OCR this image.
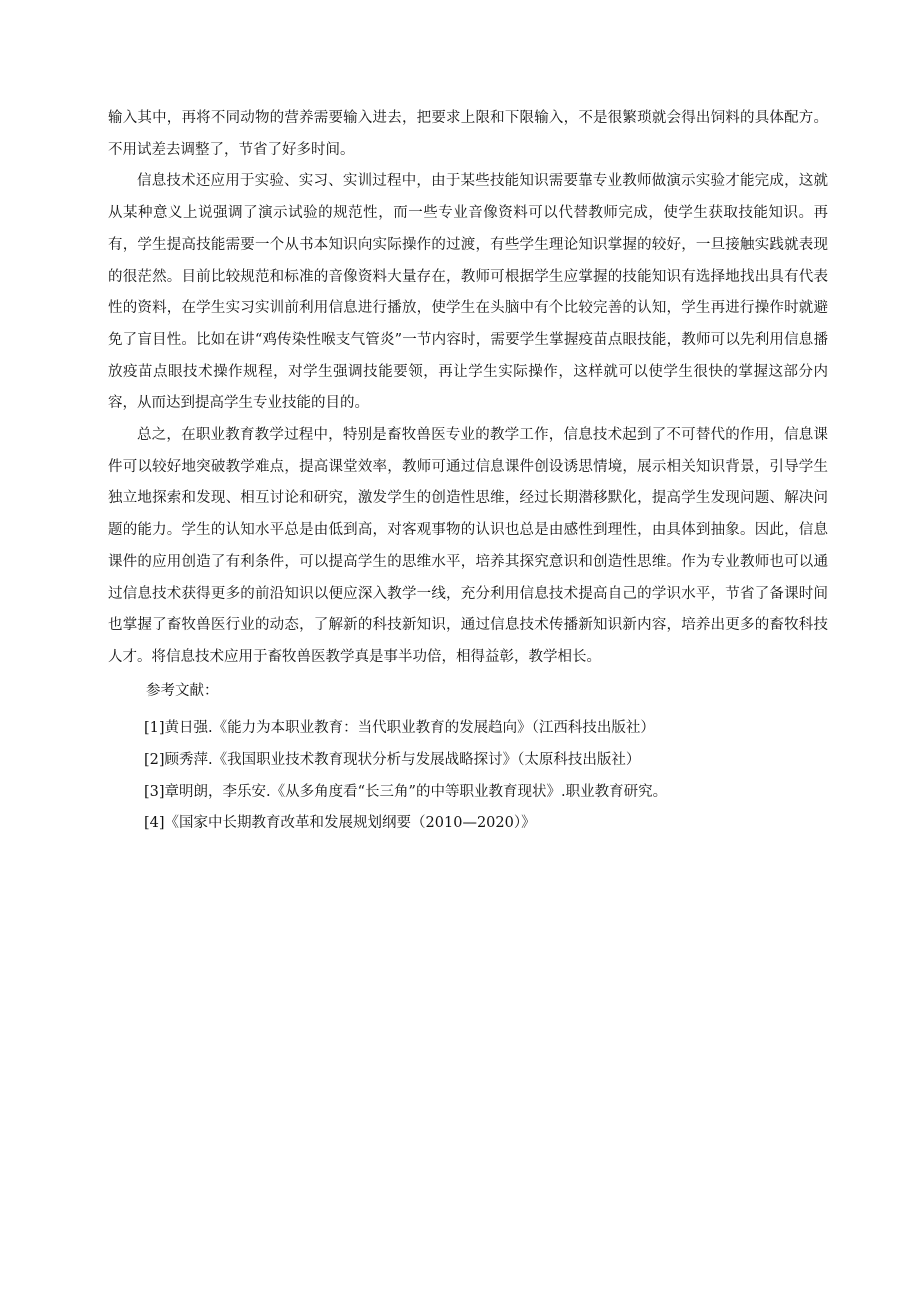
输入其中，再将不同动物的营养需要输入进去，把要求上限和下限输入，不是很繁琐就会得出饲料的具体配方。不用试差去调整了，节省了好多时间。

信息技术还应用于实验、实习、实训过程中，由于某些技能知识需要靠专业教师做演示实验才能完成，这就从某种意义上说强调了演示试验的规范性，而一些专业音像资料可以代替教师完成，使学生获取技能知识。再有，学生提高技能需要一个从书本知识向实际操作的过渡，有些学生理论知识掌握的较好，一旦接触实践就表现的很茫然。目前比较规范和标准的音像资料大量存在，教师可根据学生应掌握的技能知识有选择地找出具有代表性的资料，在学生实习实训前利用信息进行播放，使学生在头脑中有个比较完善的认知，学生再进行操作时就避免了盲目性。比如在讲“鸡传染性喉支气管炎”一节内容时，需要学生掌握疫苗点眼技能，教师可以先利用信息播放疫苗点眼技术操作规程，对学生强调技能要领，再让学生实际操作，这样就可以使学生很快的掌握这部分内容，从而达到提高学生专业技能的目的。

总之，在职业教育教学过程中，特别是畜牧兽医专业的教学工作，信息技术起到了不可替代的作用，信息课件可以较好地突破教学难点，提高课堂效率，教师可通过信息课件创设诱思情境，展示相关知识背景，引导学生独立地探索和发现、相互讨论和研究，激发学生的创造性思维，经过长期潜移默化，提高学生发现问题、解决问题的能力。学生的认知水平总是由低到高，对客观事物的认识也总是由感性到理性，由具体到抽象。因此，信息课件的应用创造了有利条件，可以提高学生的思维水平，培养其探究意识和创造性思维。作为专业教师也可以通过信息技术获得更多的前沿知识以便应深入教学一线，充分利用信息技术提高自己的学识水平，节省了备课时间也掌握了畜牧兽医行业的动态，了解新的科技新知识，通过信息技术传播新知识新内容，培养出更多的畜牧科技人才。将信息技术应用于畜牧兽医教学真是事半功倍，相得益彰，教学相长。

参考文献：
[1]黄日强.《能力为本职业教育：当代职业教育的发展趋向》（江西科技出版社）
[2]顾秀萍.《我国职业技术教育现状分析与发展战略探讨》（太原科技出版社）
[3]章明朗，李乐安.《从多角度看“长三角”的中等职业教育现状》.职业教育研究。
[4]《国家中长期教育改革和发展规划纲要（2010—2020）》
